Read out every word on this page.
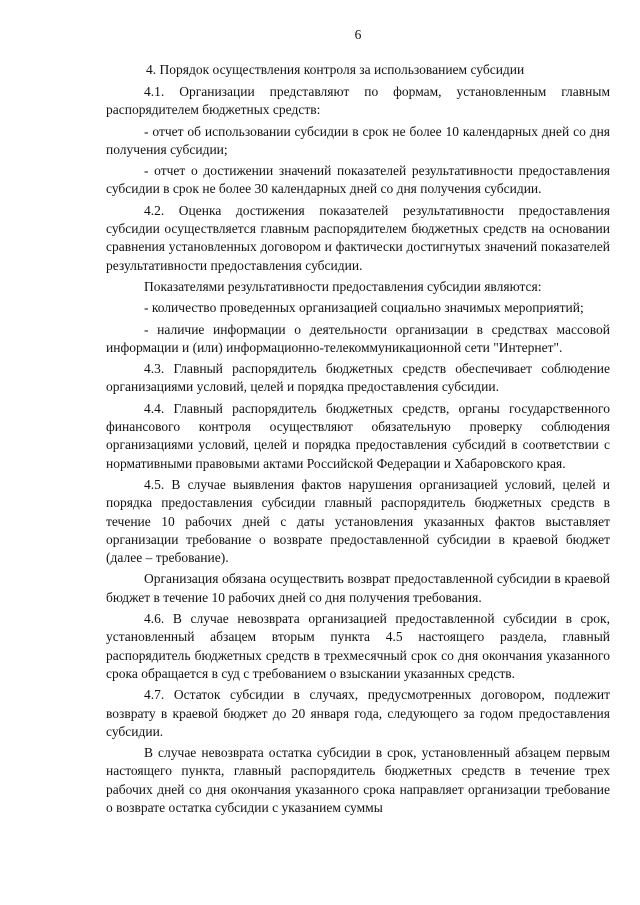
6
4. Порядок осуществления контроля за использованием субсидии

4.1. Организации представляют по формам, установленным главным распорядителем бюджетных средств:

- отчет об использовании субсидии в срок не более 10 календарных дней со дня получения субсидии;

- отчет о достижении значений показателей результативности предоставления субсидии в срок не более 30 календарных дней со дня получения субсидии.

4.2. Оценка достижения показателей результативности предоставления субсидии осуществляется главным распорядителем бюджетных средств на основании сравнения установленных договором и фактически достигнутых значений показателей результативности предоставления субсидии.

Показателями результативности предоставления субсидии являются:

- количество проведенных организацией социально значимых мероприятий;

- наличие информации о деятельности организации в средствах массовой информации и (или) информационно-телекоммуникационной сети "Интернет".

4.3. Главный распорядитель бюджетных средств обеспечивает соблюдение организациями условий, целей и порядка предоставления субсидии.

4.4. Главный распорядитель бюджетных средств, органы государственного финансового контроля осуществляют обязательную проверку соблюдения организациями условий, целей и порядка предоставления субсидий в соответствии с нормативными правовыми актами Российской Федерации и Хабаровского края.

4.5. В случае выявления фактов нарушения организацией условий, целей и порядка предоставления субсидии главный распорядитель бюджетных средств в течение 10 рабочих дней с даты установления указанных фактов выставляет организации требование о возврате предоставленной субсидии в краевой бюджет (далее – требование).

Организация обязана осуществить возврат предоставленной субсидии в краевой бюджет в течение 10 рабочих дней со дня получения требования.

4.6. В случае невозврата организацией предоставленной субсидии в срок, установленный абзацем вторым пункта 4.5 настоящего раздела, главный распорядитель бюджетных средств в трехмесячный срок со дня окончания указанного срока обращается в суд с требованием о взыскании указанных средств.

4.7. Остаток субсидии в случаях, предусмотренных договором, подлежит возврату в краевой бюджет до 20 января года, следующего за годом предоставления субсидии.

В случае невозврата остатка субсидии в срок, установленный абзацем первым настоящего пункта, главный распорядитель бюджетных средств в течение трех рабочих дней со дня окончания указанного срока направляет организации требование о возврате остатка субсидии с указанием суммы
